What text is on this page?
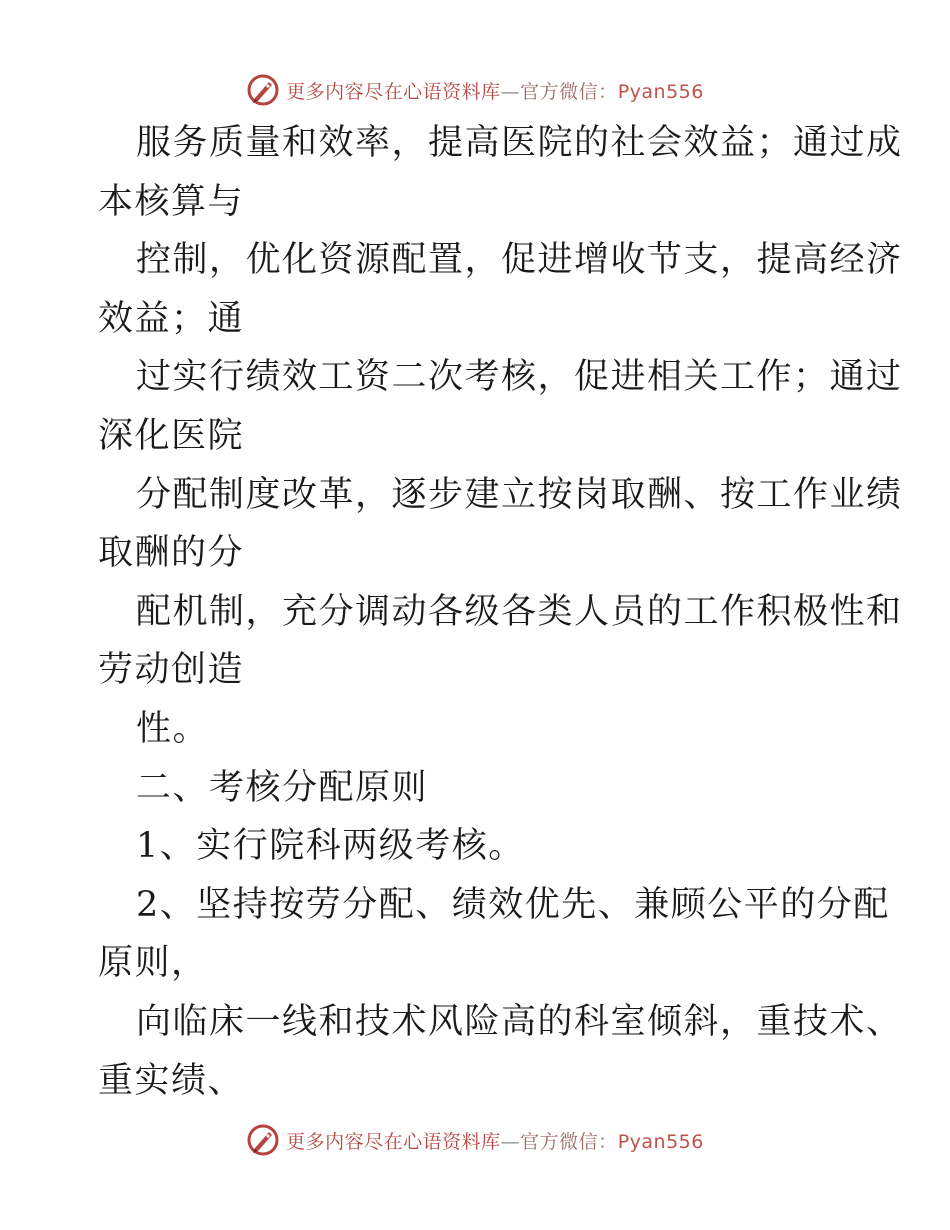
更多内容尽在心语资料库—官方微信：Pyan556
服务质量和效率，提高医院的社会效益；通过成
本核算与
控制，优化资源配置，促进增收节支，提高经济
效益；通
过实行绩效工资二次考核，促进相关工作；通过
深化医院
分配制度改革，逐步建立按岗取酬、按工作业绩
取酬的分
配机制，充分调动各级各类人员的工作积极性和
劳动创造
性。
二、考核分配原则
1、实行院科两级考核。
2、坚持按劳分配、绩效优先、兼顾公平的分配
原则，
向临床一线和技术风险高的科室倾斜，重技术、
重实绩、
更多内容尽在心语资料库—官方微信：Pyan556
